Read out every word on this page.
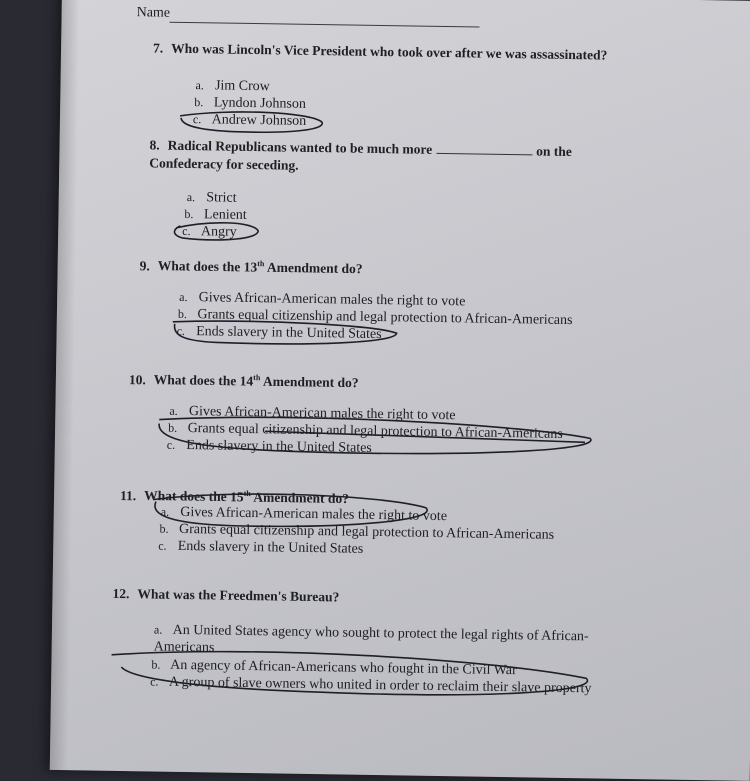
Name
7. Who was Lincoln's Vice President who took over after we was assassinated?
a. Jim Crow
b. Lyndon Johnson
c. Andrew Johnson
8. Radical Republicans wanted to be much more	on the
Confederacy for seceding.
a. Strict
b. Lenient
c. Angry
9. What does the 13th Amendment do?
a. Gives African-American males the right to vote
b. Grants equal citizenship and legal protection to African-Americans
c. Ends slavery in the United States
10. What does the 14th Amendment do?
a. Gives African-American males the right to vote
b. Grants equal citizenship and legal protection to African-Americans
c. Ends slavery in the United States
11. What does the 15th Amendment do?
a. Gives African-American males the right to vote
b. Grants equal citizenship and legal protection to African-Americans
c. Ends slavery in the United States
12. What was the Freedmen's Bureau?
a. An United States agency who sought to protect the legal rights of African-Americans
b. An agency of African-Americans who fought in the Civil War
c. A group of slave owners who united in order to reclaim their slave property
